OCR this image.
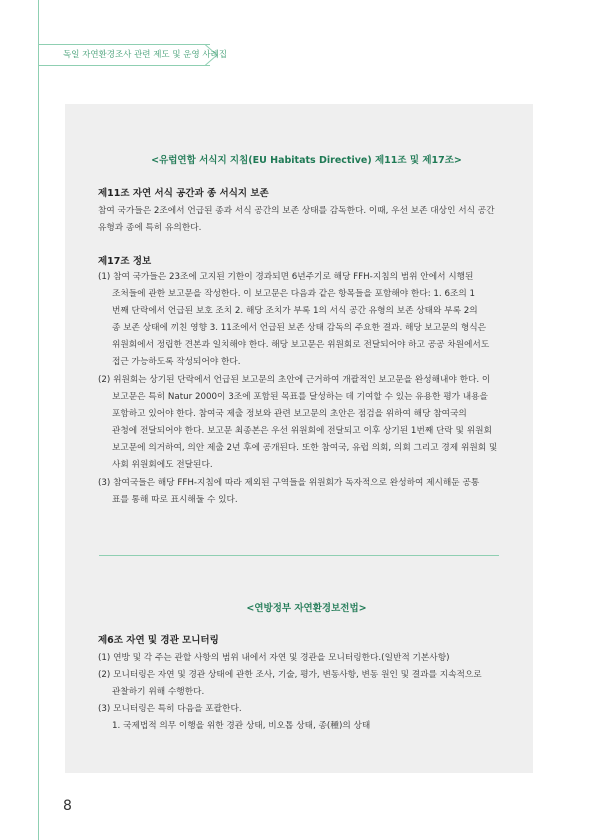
독일 자연환경조사 관련 제도 및 운영 사례집
<유럽연합 서식지 지침(EU Habitats Directive) 제11조 및 제17조>
제11조 자연 서식 공간과 종 서식지 보존
참여 국가들은 2조에서 언급된 종과 서식 공간의 보존 상태를 감독한다. 이때, 우선 보존 대상인 서식 공간
유형과 종에 특히 유의한다.
제17조 정보
(1) 참여 국가들은 23조에 고지된 기한이 경과되면 6년주기로 해당 FFH-지침의 범위 안에서 시행된
조처들에 관한 보고문을 작성한다. 이 보고문은 다음과 같은 항목들을 포함해야 한다: 1. 6조의 1
번째 단락에서 언급된 보호 조치 2. 해당 조치가 부록 1의 서식 공간 유형의 보존 상태와 부록 2의
종 보존 상태에 끼친 영향 3. 11조에서 언급된 보존 상태 감독의 주요한 결과. 해당 보고문의 형식은
위원회에서 정립한 견본과 일치해야 한다. 해당 보고문은 위원회로 전달되어야 하고 공공 차원에서도
접근 가능하도록 작성되어야 한다.
(2) 위원회는 상기된 단락에서 언급된 보고문의 초안에 근거하여 개괄적인 보고문을 완성해내야 한다. 이
보고문은 특히 Natur 2000이 3조에 포함된 목표를 달성하는 데 기여할 수 있는 유용한 평가 내용을
포함하고 있어야 한다. 참여국 제출 정보와 관련 보고문의 초안은 점검을 위하여 해당 참여국의
관청에 전달되어야 한다. 보고문 최종본은 우선 위원회에 전달되고 이후 상기된 1번째 단락 및 위원회
보고문에 의거하여, 의안 제출 2년 후에 공개된다. 또한 참여국, 유럽 의회, 의회 그리고 경제 위원회 및
사회 위원회에도 전달된다.
(3) 참여국들은 해당 FFH-지침에 따라 제외된 구역들을 위원회가 독자적으로 완성하여 제시해둔 공통
표를 통해 따로 표시해둘 수 있다.
<연방정부 자연환경보전법>
제6조 자연 및 경관 모니터링
(1) 연방 및 각 주는 관할 사항의 범위 내에서 자연 및 경관을 모니터링한다.(일반적 기본사항)
(2) 모니터링은 자연 및 경관 상태에 관한 조사, 기술, 평가, 변동사항, 변동 원인 및 결과를 지속적으로
관찰하기 위해 수행한다.
(3) 모니터링은 특히 다음을 포괄한다.
1. 국제법적 의무 이행을 위한 경관 상태, 비오톱 상태, 종(種)의 상태
8
